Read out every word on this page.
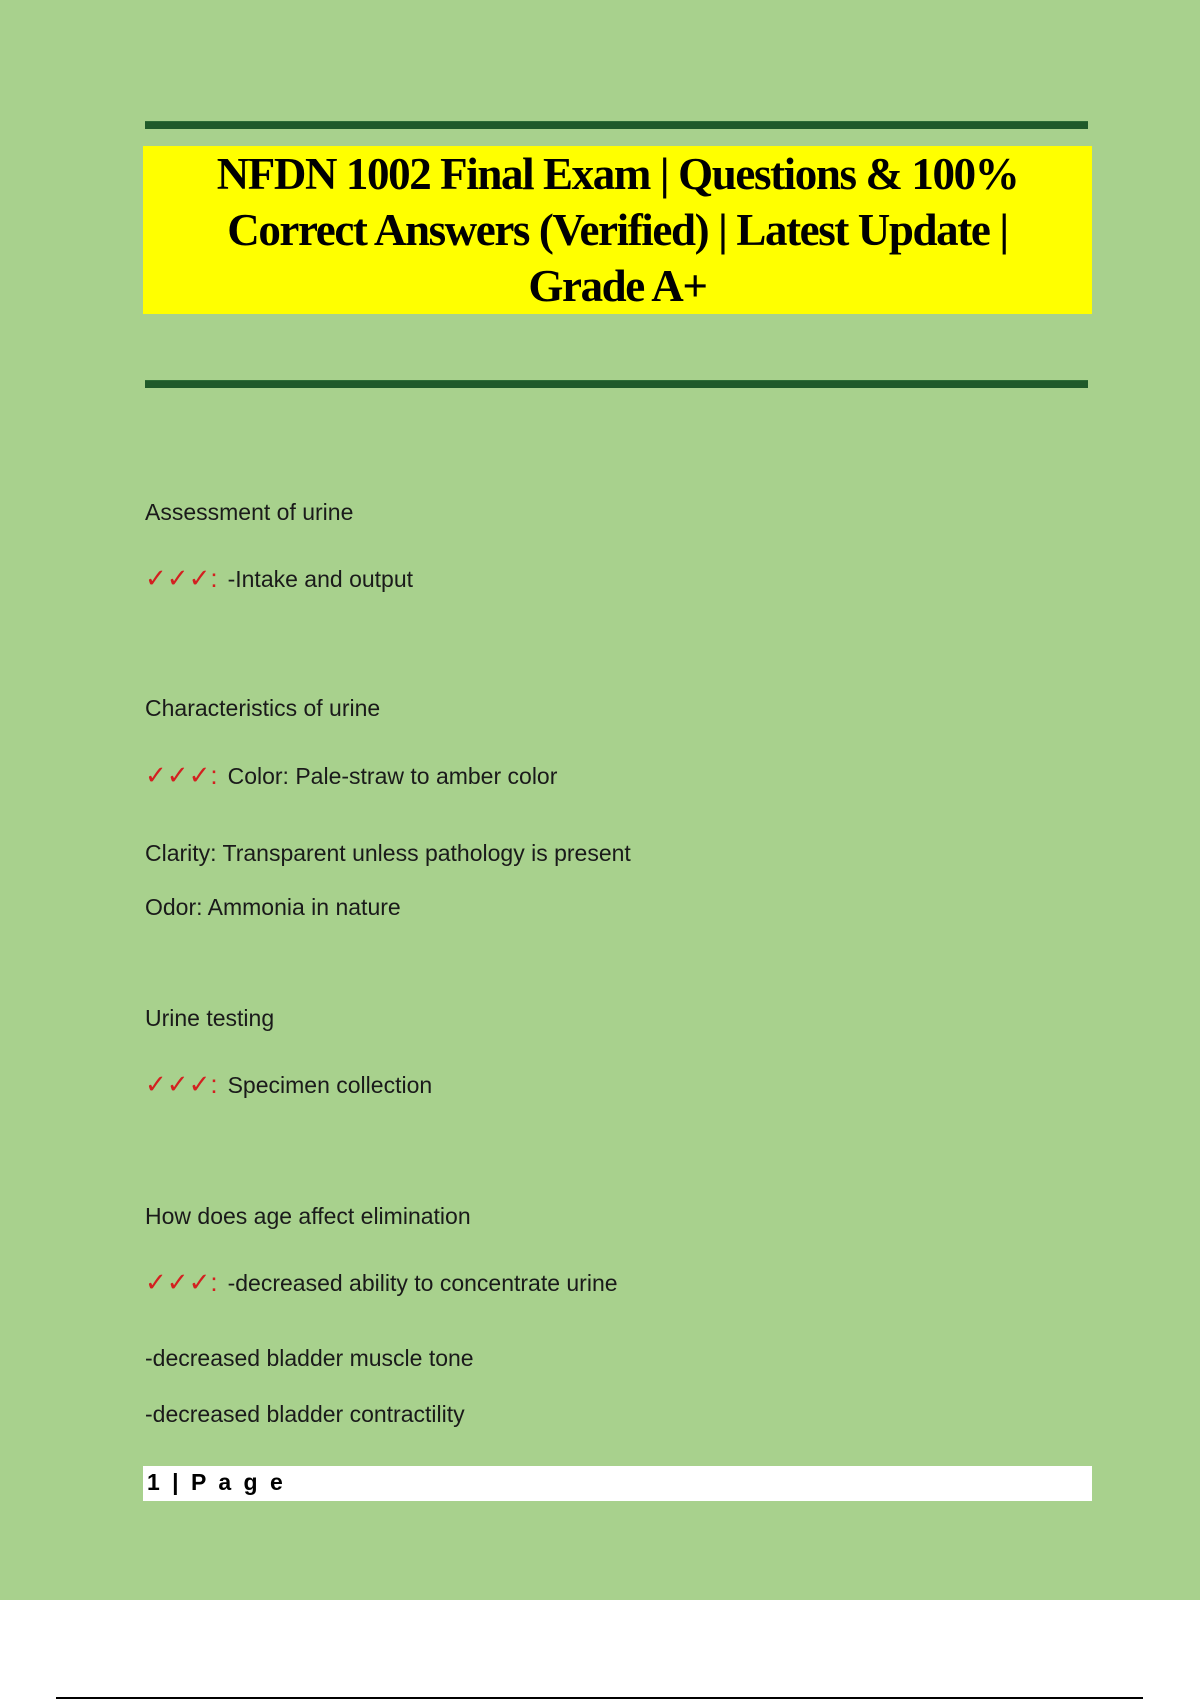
NFDN 1002 Final Exam | Questions & 100% Correct Answers (Verified) | Latest Update | Grade A+

Assessment of urine
✓✓✓: -Intake and output
Characteristics of urine
✓✓✓: Color: Pale-straw to amber color
Clarity: Transparent unless pathology is present
Odor: Ammonia in nature
Urine testing
✓✓✓: Specimen collection
How does age affect elimination
✓✓✓: -decreased ability to concentrate urine
-decreased bladder muscle tone
-decreased bladder contractility
1 | P a g e
